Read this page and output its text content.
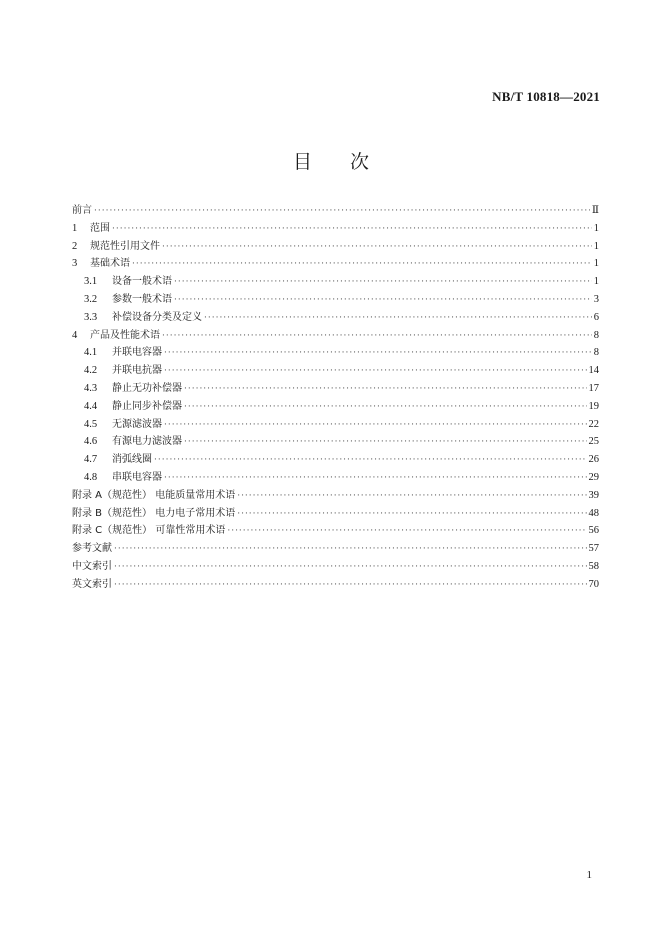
NB/T 10818—2021
目次
前言 ·····	Ⅱ
1	范围 ·····	1
2	规范性引用文件 ·····	1
3	基础术语 ·····	1
3.1	设备一般术语 ·····	1
3.2	参数一般术语 ·····	3
3.3	补偿设备分类及定义 ·····	6
4	产品及性能术语 ·····	8
4.1	并联电容器 ·····	8
4.2	并联电抗器 ·····	14
4.3	静止无功补偿器 ·····	17
4.4	静止同步补偿器 ·····	19
4.5	无源滤波器 ·····	22
4.6	有源电力滤波器 ·····	25
4.7	消弧线圈 ·····	26
4.8	串联电容器 ·····	29
附录 A（规范性） 电能质量常用术语 ·····	39
附录 B（规范性） 电力电子常用术语 ·····	48
附录 C（规范性） 可靠性常用术语 ·····	56
参考文献 ·····	57
中文索引 ·····	58
英文索引 ·····	70
1
